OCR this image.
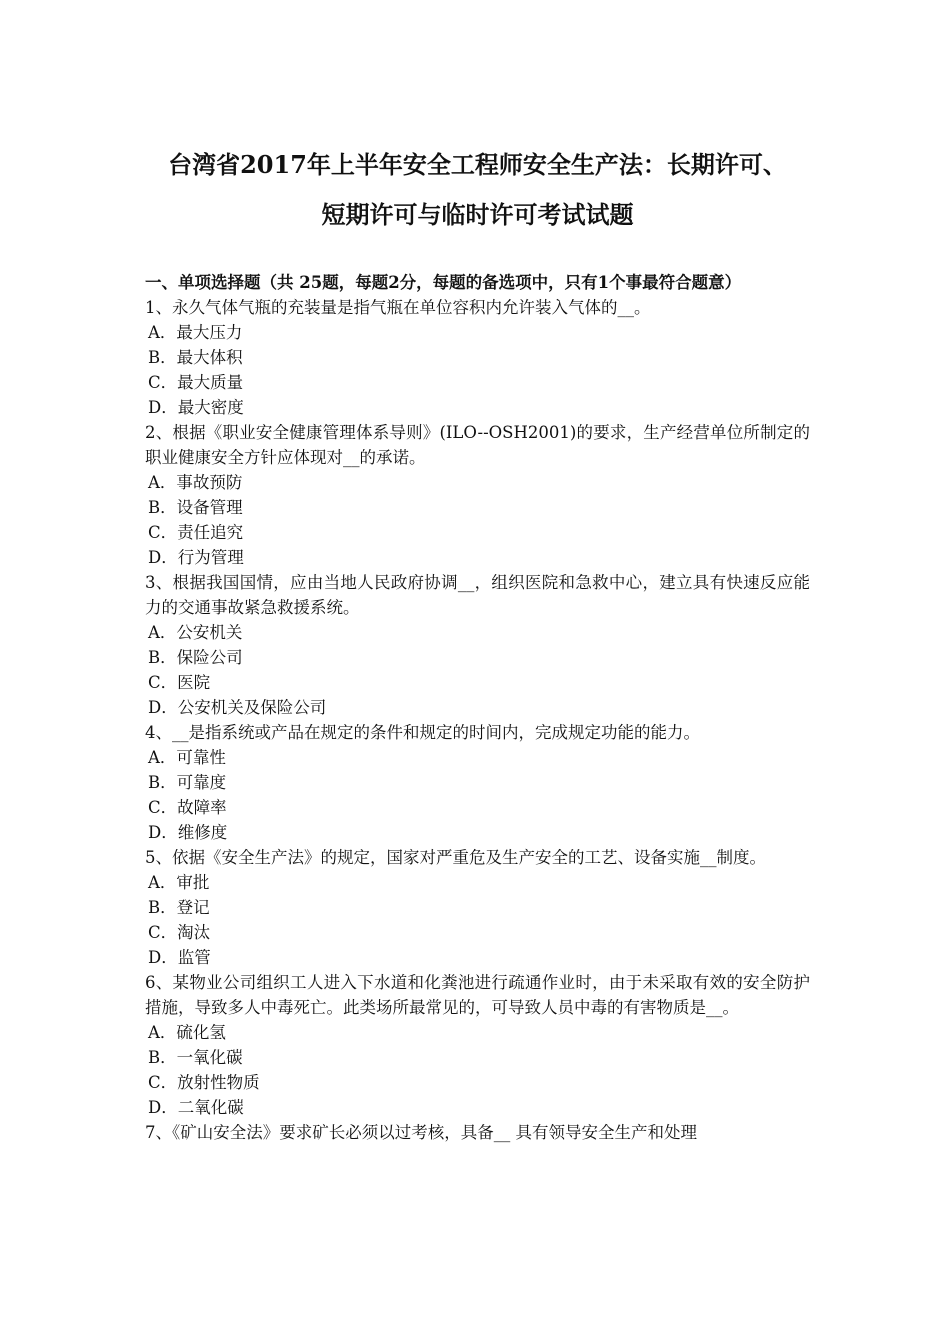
台湾省2017年上半年安全工程师安全生产法：长期许可、
短期许可与临时许可考试试题
一、单项选择题（共 25题，每题2分，每题的备选项中，只有1个事最符合题意）
1、永久气体气瓶的充装量是指气瓶在单位容积内允许装入气体的__。
A．最大压力
B．最大体积
C．最大质量
D．最大密度
2、根据《职业安全健康管理体系导则》(ILO--OSH2001)的要求，生产经营单位所制定的职业健康安全方针应体现对__的承诺。
A．事故预防
B．设备管理
C．责任追究
D．行为管理
3、根据我国国情，应由当地人民政府协调__，组织医院和急救中心，建立具有快速反应能力的交通事故紧急救援系统。
A．公安机关
B．保险公司
C．医院
D．公安机关及保险公司
4、__是指系统或产品在规定的条件和规定的时间内，完成规定功能的能力。
A．可靠性
B．可靠度
C．故障率
D．维修度
5、依据《安全生产法》的规定，国家对严重危及生产安全的工艺、设备实施__制度。
A．审批
B．登记
C．淘汰
D．监管
6、某物业公司组织工人进入下水道和化粪池进行疏通作业时，由于未采取有效的安全防护措施，导致多人中毒死亡。此类场所最常见的，可导致人员中毒的有害物质是__。
A．硫化氢
B．一氧化碳
C．放射性物质
D．二氧化碳
7、《矿山安全法》要求矿长必须以过考核，具备__ 具有领导安全生产和处理
